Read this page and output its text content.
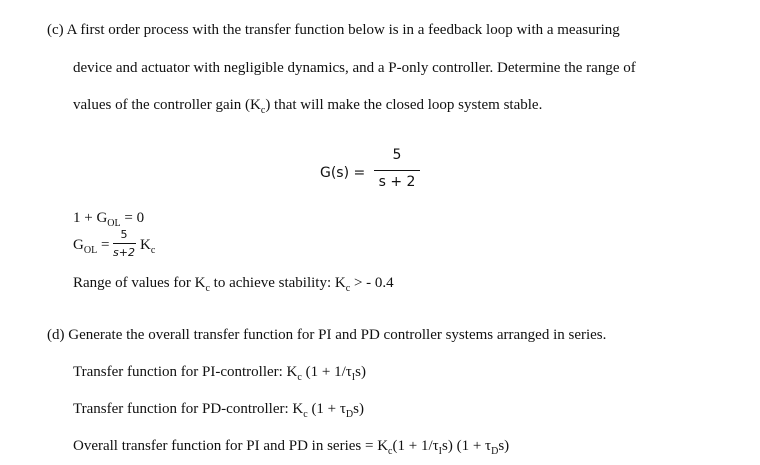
(c) A first order process with the transfer function below is in a feedback loop with a measuring
device and actuator with negligible dynamics, and a P-only controller. Determine the range of
values of the controller gain $(K_c)$ that will make the closed loop system stable.
G(s) =
5
s + 2
$1 + G_{OL} = 0$
$G_{OL}$ =
5
s+2 $K_c$
Range of values for $K_c$ to achieve stability: $K_c$ > - 0.4
(d) Generate the overall transfer function for PI and PD controller systems arranged in series.
Transfer function for PI-controller: $K_c$ $(1 + 1/\tau_Is)$
Transfer function for PD-controller: $K_c$ $(1 + \tau_Ds)$
Overall transfer function for PI and PD in series = $K_c(1 + 1/\tau_Is) (1 + \tau_Ds)$
